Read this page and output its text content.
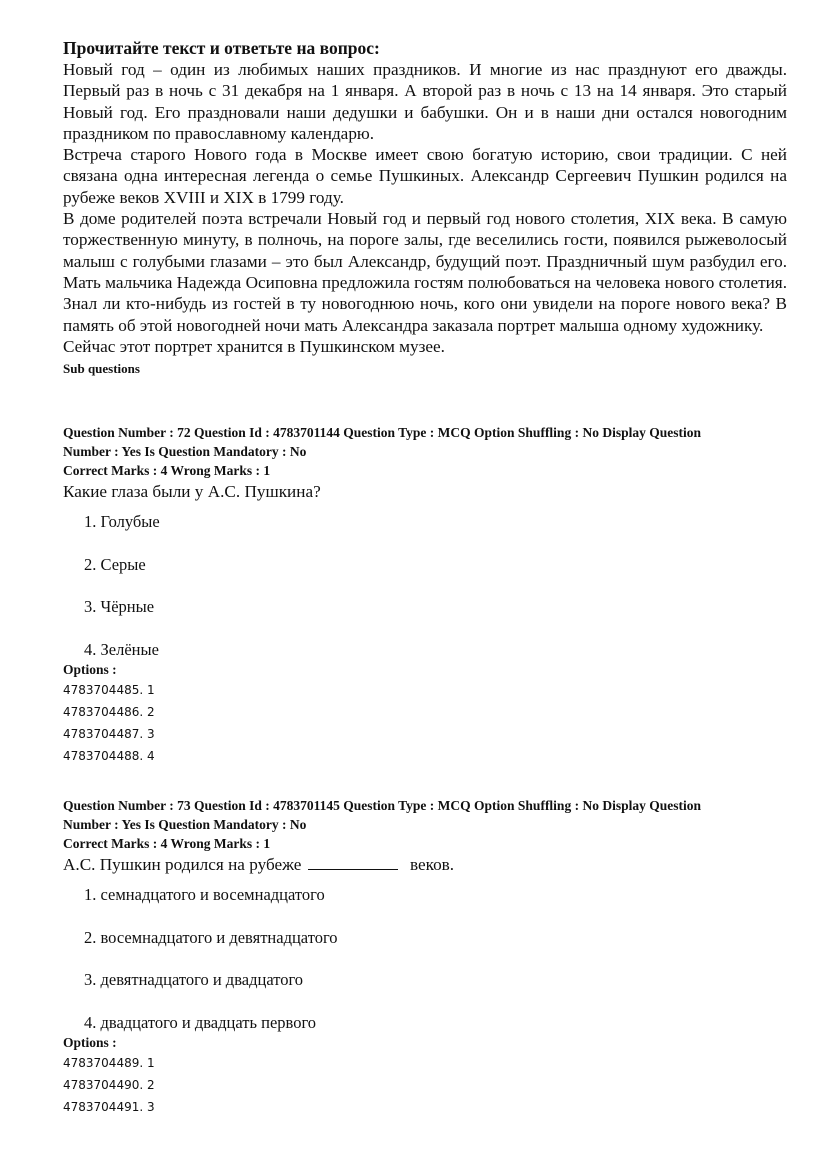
Прочитайте текст и ответьте на вопрос:

Новый год – один из любимых наших праздников. И многие из нас празднуют его дважды. Первый раз в ночь с 31 декабря на 1 января. А второй раз в ночь с 13 на 14 января. Это старый Новый год. Его праздновали наши дедушки и бабушки. Он и в наши дни остался новогодним праздником по православному календарю.

Встреча старого Нового года в Москве имеет свою богатую историю, свои традиции. С ней связана одна интересная легенда о семье Пушкиных. Александр Сергеевич Пушкин родился на рубеже веков XVIII и XIX в 1799 году.

В доме родителей поэта встречали Новый год и первый год нового столетия, XIX века. В самую торжественную минуту, в полночь, на пороге залы, где веселились гости, появился рыжеволосый малыш с голубыми глазами – это был Александр, будущий поэт. Праздничный шум разбудил его. Мать мальчика Надежда Осиповна предложила гостям полюбоваться на человека нового столетия. Знал ли кто-нибудь из гостей в ту новогоднюю ночь, кого они увидели на пороге нового века? В память об этой новогодней ночи мать Александра заказала портрет малыша одному художнику.

Сейчас этот портрет хранится в Пушкинском музее.

Sub questions
Question Number : 72 Question Id : 4783701144 Question Type : MCQ Option Shuffling : No Display Question
Number : Yes Is Question Mandatory : No
Correct Marks : 4 Wrong Marks : 1
Какие глаза были у А.С. Пушкина?
1. Голубые
2. Серые
3. Чёрные
4. Зелёные
Options :
4783704485. 1
4783704486. 2
4783704487. 3
4783704488. 4
Question Number : 73 Question Id : 4783701145 Question Type : MCQ Option Shuffling : No Display Question
Number : Yes Is Question Mandatory : No
Correct Marks : 4 Wrong Marks : 1
А.С. Пушкин родился на рубеже	веков.
1. семнадцатого и восемнадцатого
2. восемнадцатого и девятнадцатого
3. девятнадцатого и двадцатого
4. двадцатого и двадцать первого
Options :
4783704489. 1
4783704490. 2
4783704491. 3
